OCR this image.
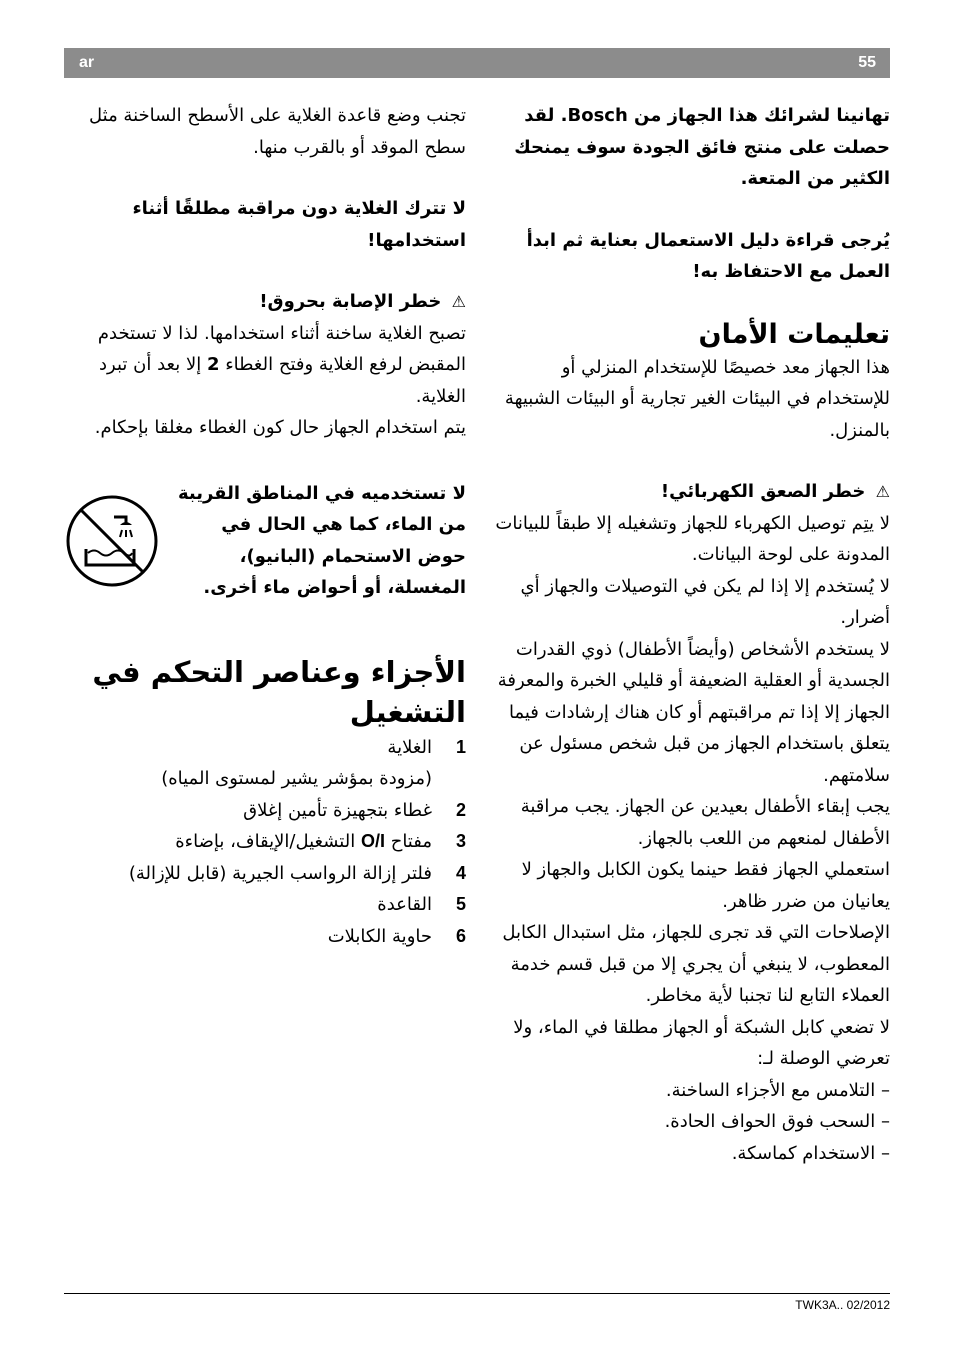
ar	55

تهانينا لشرائك هذا الجهاز من Bosch. لقد حصلت على منتج فائق الجودة سوف يمنحك الكثير من المتعة.

يُرجى قراءة دليل الاستعمال بعناية ثم ابدأ العمل مع الاحتفاظ به!

تعليمات الأمان

هذا الجهاز معد خصيصًا للإستخدام المنزلي أو للإستخدام في البيئات الغير تجارية أو البيئات الشبيهة بالمنزل.

⚠ خطر الصعق الكهربائي!

لا يتِم توصيل الكهرباء للجهاز وتشغيله إلا طبقاً للبيانات المدونة على لوحة البيانات.

لا يُستخدم إلا إذا لم يكن في التوصيلات والجهاز أي أضرار.

لا يستخدم الأشخاص (وأيضاً الأطفال) ذوي القدرات الجسدية أو العقلية الضعيفة أو قليلي الخبرة والمعرفة الجهاز إلا إذا تم مراقبتهم أو كان هناك إرشادات فيما يتعلق باستخدام الجهاز من قبل شخص مسئول عن سلامتهم.

يجب إبقاء الأطفال بعيدين عن الجهاز. يجب مراقبة الأطفال لمنعهم من اللعب بالجهاز.

استعملي الجهاز فقط حينما يكون الكابل والجهاز لا يعانيان من ضرر ظاهر.

الإصلاحات التي قد تجرى للجهاز، مثل استبدال الكابل المعطوب، لا ينبغي أن يجري إلا من قبل قسم خدمة العملاء التابع لنا تجنبا لأية مخاطر.

لا تضعي كابل الشبكة أو الجهاز مطلقا في الماء، ولا تعرضي الوصلة لـ:

– التلامس مع الأجزاء الساخنة.

– السحب فوق الحواف الحادة.

– الاستخدام كماسكة.

تجنب وضع قاعدة الغلاية على الأسطح الساخنة مثل سطح الموقد أو بالقرب منها.

لا تترك الغلاية دون مراقبة مطلقًا أثناء استخدامها!

⚠ خطر الإصابة بحروق!

تصبح الغلاية ساخنة أثناء استخدامها. لذا لا تستخدم المقبض لرفع الغلاية وفتح الغطاء 2 إلا بعد أن تبرد الغلاية.

يتم استخدام الجهاز حال كون الغطاء مغلقا بإحكام.

لا تستخدميه في المناطق القريبة من الماء، كما هي الحال في حوض الاستحمام (البانيو)، المغسلة، أو أحواض ماء أخرى.
الأجزاء وعناصر التحكم في التشغيل
1
الغلاية
(مزودة بمؤشر يشير لمستوى المياه)
2
غطاء بتجهيزة تأمين إغلاق
3
مفتاح O/I التشغيل/الإيقاف، بإضاءة
4
فلتر إزالة الرواسب الجيرية (قابل للإزالة)
5
القاعدة
6
حاوية الكابلات
TWK3A.. 02/2012
